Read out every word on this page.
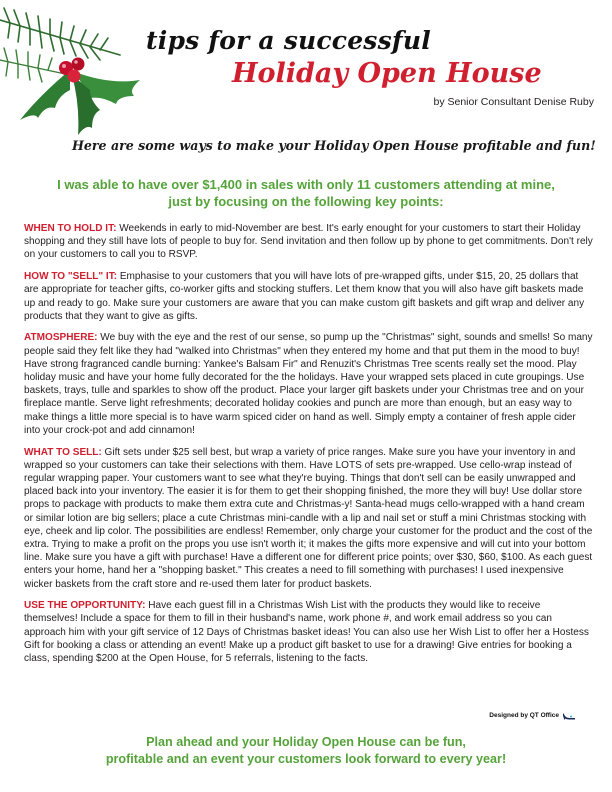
tips for a successful
Holiday Open House
by Senior Consultant Denise Ruby
Here are some ways to make your Holiday Open House profitable and fun!
I was able to have over $1,400 in sales with only 11 customers attending at mine,
just by focusing on the following key points:

WHEN TO HOLD IT: Weekends in early to mid-November are best. It's early enought for your customers to start their Holiday shopping and they still have lots of people to buy for. Send invitation and then follow up by phone to get commitments. Don't rely on your customers to call you to RSVP.

HOW TO "SELL" IT: Emphasise to your customers that you will have lots of pre-wrapped gifts, under $15, 20, 25 dollars that are appropriate for teacher gifts, co-worker gifts and stocking stuffers. Let them know that you will also have gift baskets made up and ready to go. Make sure your customers are aware that you can make custom gift baskets and gift wrap and deliver any products that they want to give as gifts.

ATMOSPHERE: We buy with the eye and the rest of our sense, so pump up the "Christmas" sight, sounds and smells! So many people said they felt like they had "walked into Christmas" when they entered my home and that put them in the mood to buy! Have strong fragranced candle burning: Yankee's Balsam Fir" and Renuzit's Christmas Tree scents really set the mood. Play holiday music and have your home fully decorated for the the holidays. Have your wrapped sets placed in cute groupings. Use baskets, trays, tulle and sparkles to show off the product. Place your larger gift baskets under your Christmas tree and on your fireplace mantle. Serve light refreshments; decorated holiday cookies and punch are more than enough, but an easy way to make things a little more special is to have warm spiced cider on hand as well. Simply empty a container of fresh apple cider into your crock-pot and add cinnamon!

WHAT TO SELL: Gift sets under $25 sell best, but wrap a variety of price ranges. Make sure you have your inventory in and wrapped so your customers can take their selections with them. Have LOTS of sets pre-wrapped. Use cello-wrap instead of regular wrapping paper. Your customers want to see what they're buying. Things that don't sell can be easily unwrapped and placed back into your inventory. The easier it is for them to get their shopping finished, the more they will buy! Use dollar store props to package with products to make them extra cute and Christmas-y! Santa-head mugs cello-wrapped with a hand cream or similar lotion are big sellers; place a cute Christmas mini-candle with a lip and nail set or stuff a mini Christmas stocking with eye, cheek and lip color. The possibilities are endless! Remember, only charge your customer for the product and the cost of the extra. Trying to make a profit on the props you use isn't worth it; it makes the gifts more expensive and will cut into your bottom line. Make sure you have a gift with purchase! Have a different one for different price points; over $30, $60, $100. As each guest enters your home, hand her a "shopping basket." This creates a need to fill something with purchases! I used inexpensive wicker baskets from the craft store and re-used them later for product baskets.

USE THE OPPORTUNITY: Have each guest fill in a Christmas Wish List with the products they would like to receive themselves! Include a space for them to fill in their husband's name, work phone #, and work email address so you can approach him with your gift service of 12 Days of Christmas basket ideas! You can also use her Wish List to offer her a Hostess Gift for booking a class or attending an event! Make up a product gift basket to use for a drawing! Give entries for booking a class, spending $200 at the Open House, for 5 referrals, listening to the facts.

Designed by QT Office
Plan ahead and your Holiday Open House can be fun,
profitable and an event your customers look forward to every year!
